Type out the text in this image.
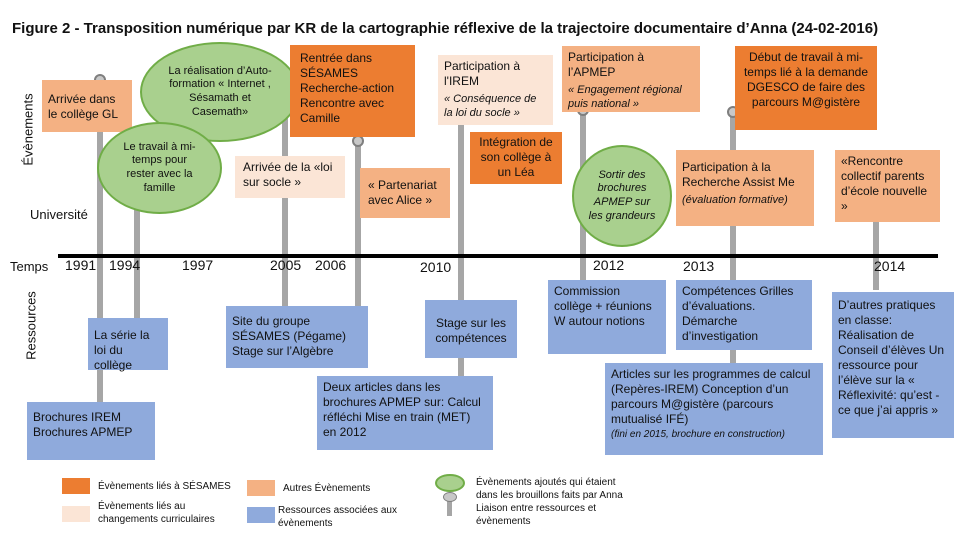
Figure 2 - Transposition numérique par KR de la cartographie réflexive de la trajectoire documentaire d’Anna (24-02-2016)
Évènements
Ressources
Temps
Université
1991 1994	1997	2005 2006	2010	2012	2013	2014
Arrivée dans le collège GL
La réalisation d’Auto-formation « Internet , Sésamath et Casemath»
Le travail à mi-temps pour rester avec la famille
Rentrée dans SÉSAMES Recherche-action Rencontre avec Camille
Arrivée de la «loi sur socle »	« Partenariat avec Alice »
Participation à l'IREM
« Conséquence de la loi du socle »
Intégration de son collège à un Léa
Participation à l’APMEP
« Engagement régional puis national »
Sortir des brochures APMEP sur les grandeurs
Participation à la Recherche Assist Me
(évaluation formative)
Début de travail à mi-temps lié à la demande DGESCO de faire des parcours M@gistère
«Rencontre collectif parents d’école nouvelle »
La série la loi du collège
Brochures IREM Brochures APMEP
Site du groupe SÉSAMES (Pégame) Stage sur l’Algèbre
Stage sur les compétences
Deux articles dans les brochures APMEP sur: Calcul réfléchi Mise en train (MET) en 2012
Commission collège + réunions W autour notions
Compétences Grilles d’évaluations. Démarche d’investigation
Articles sur les programmes de calcul (Repères-IREM) Conception d’un parcours M@gistère (parcours mutualisé IFÉ)
(fini en 2015, brochure en construction)
D’autres pratiques en classe: Réalisation de Conseil d’élèves Un ressource pour l’élève sur la « Réflexivité: qu’est -ce que j’ai appris »
Évènements liés à SÉSAMES	Autres Évènements
Évènements liés au changements curriculaires
Ressources associées aux évènements
Évènements ajoutés qui étaient dans les brouillons faits par Anna Liaison entre ressources et évènements
